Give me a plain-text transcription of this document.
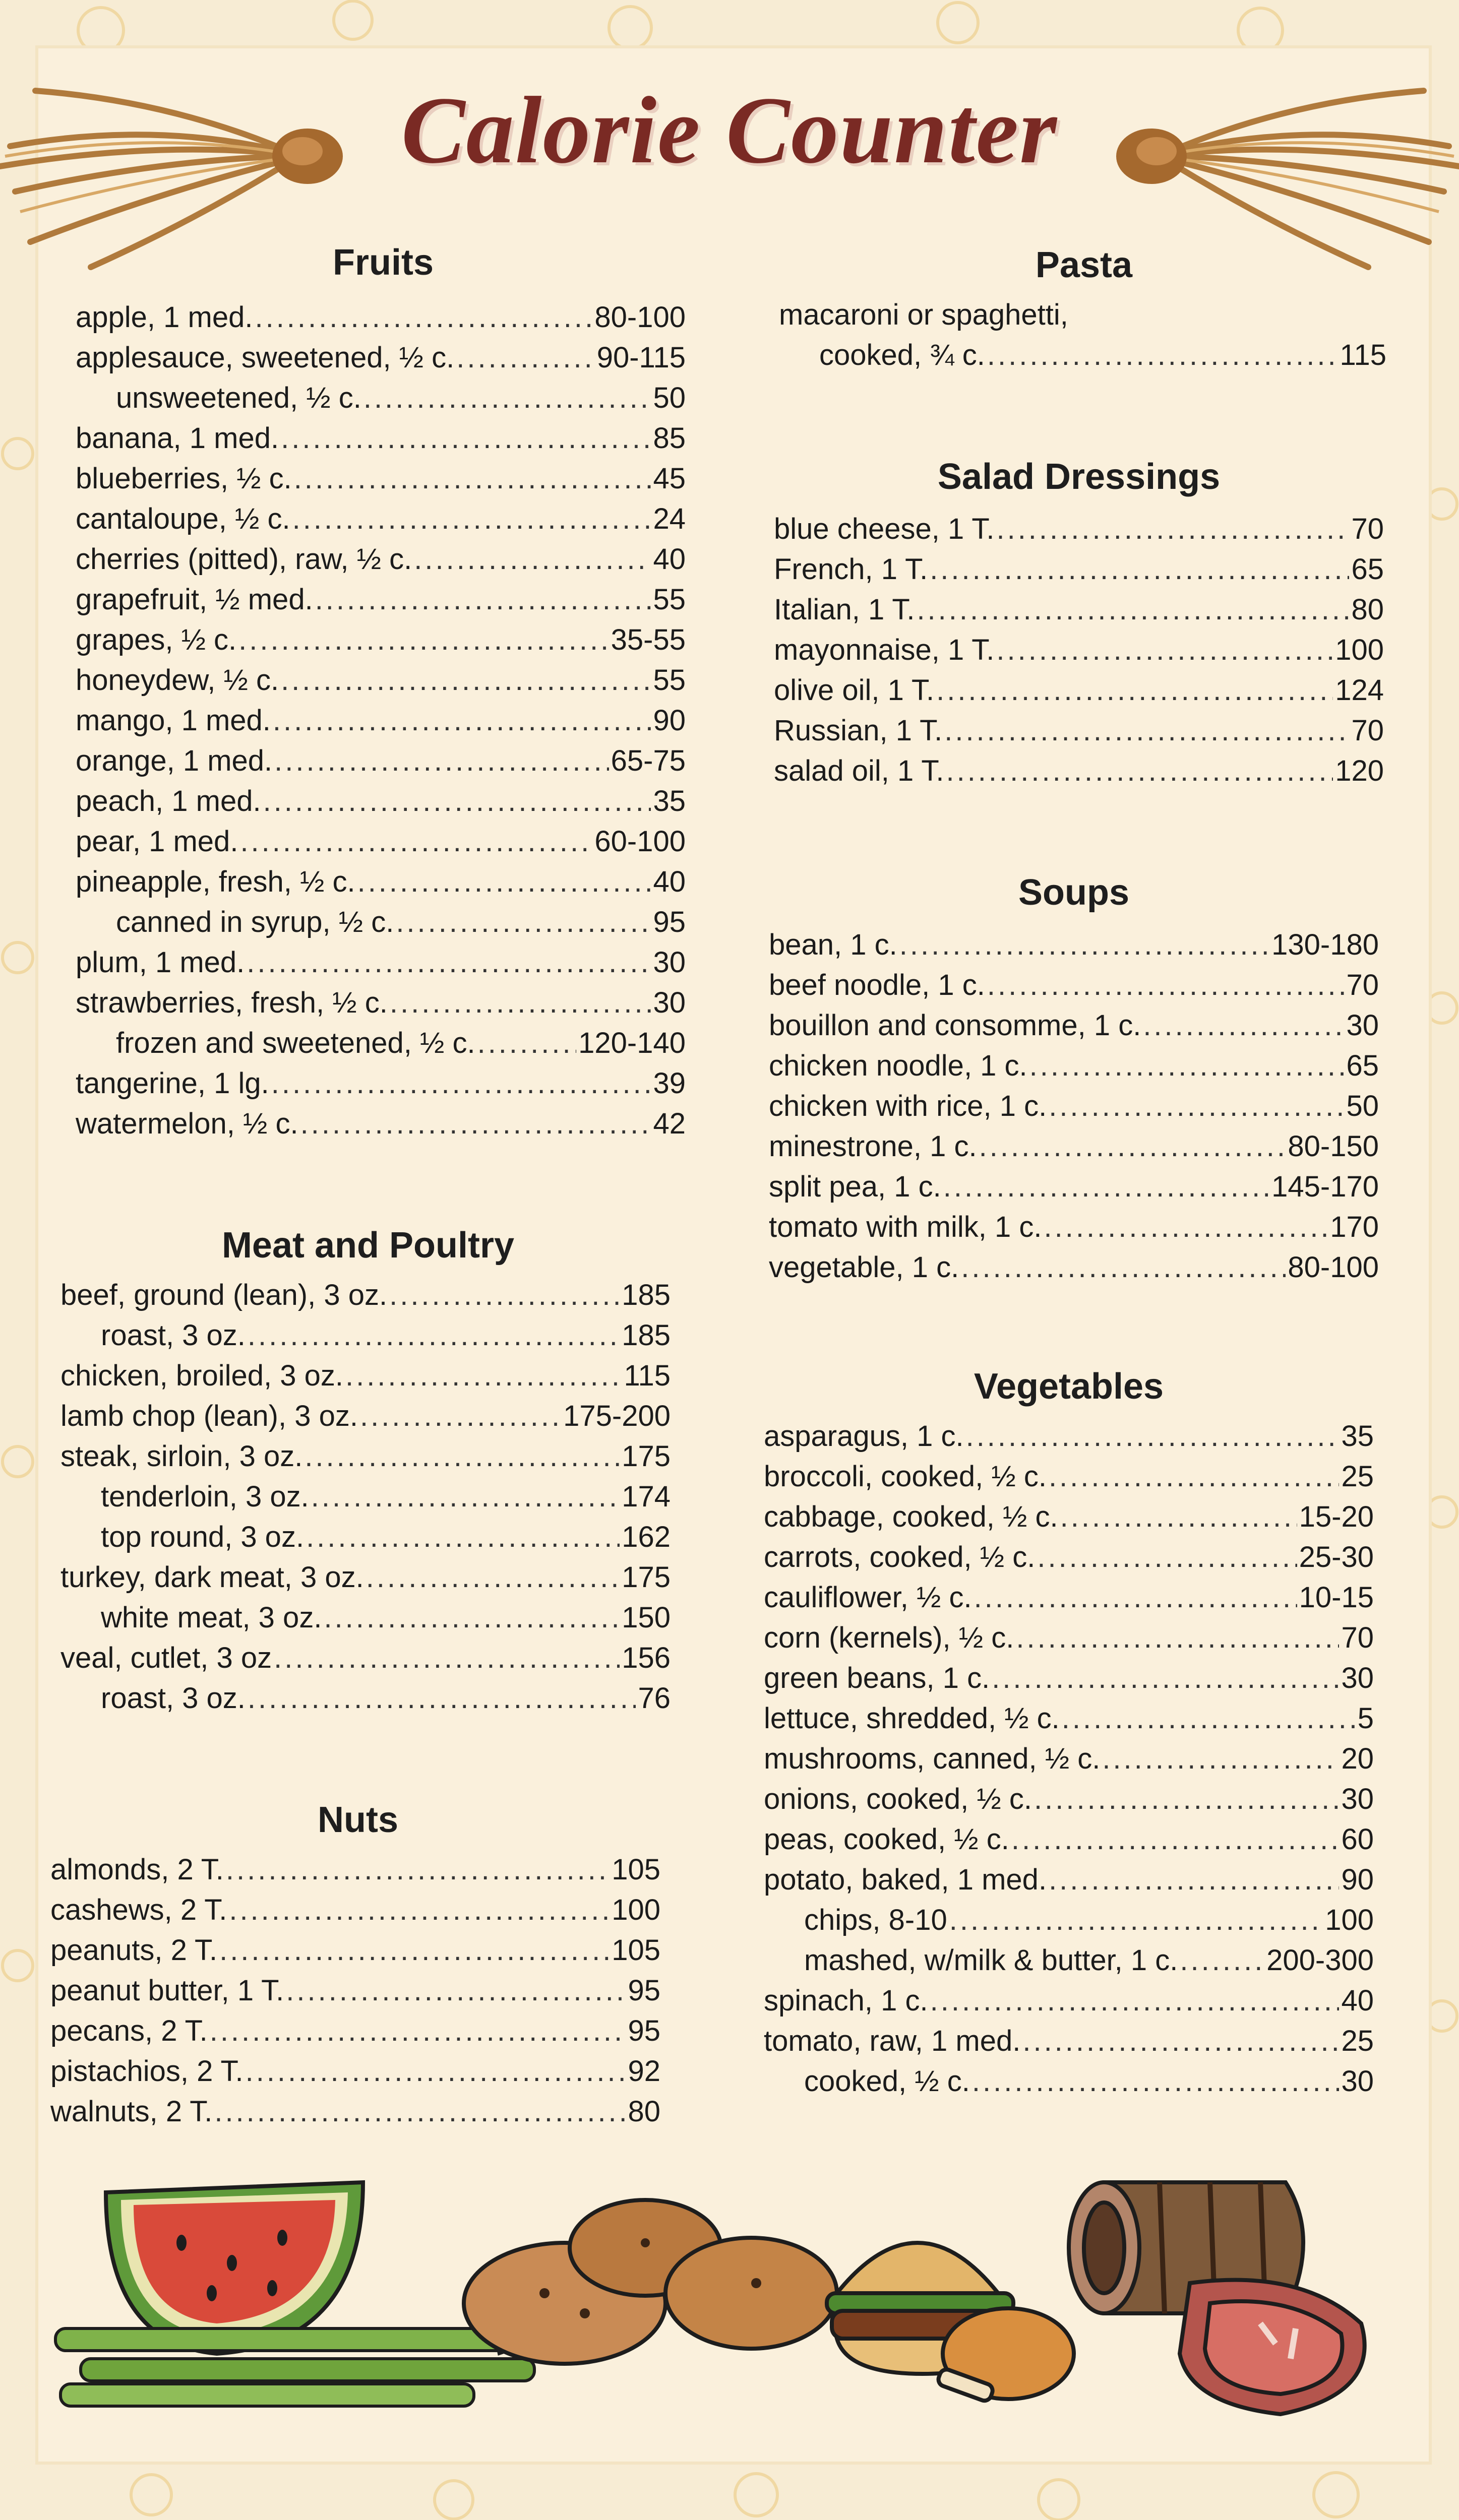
Calorie Counter
Fruits
apple, 1 med. .....	80-100
applesauce, sweetened, ½ c. .....	90-115
unsweetened, ½ c. .....	50
banana, 1 med. .....	85
blueberries, ½ c. .....	45
cantaloupe, ½ c. .....	24
cherries (pitted), raw, ½ c. .....	40
grapefruit, ½ med. .....	55
grapes, ½ c. .....	35-55
honeydew, ½ c. .....	55
mango, 1 med. .....	90
orange, 1 med. .....	65-75
peach, 1 med. .....	35
pear, 1 med. .....	60-100
pineapple, fresh, ½ c. .....	40
canned in syrup, ½ c. .....	95
plum, 1 med. .....	30
strawberries, fresh, ½ c. .....	30
frozen and sweetened, ½ c. .....	120-140
tangerine, 1 lg. .....	39
watermelon, ½ c. .....	42
Meat and Poultry
beef, ground (lean), 3 oz. .....	185
roast, 3 oz. .....	185
chicken, broiled, 3 oz. .....	115
lamb chop (lean), 3 oz. .....	175-200
steak, sirloin, 3 oz. .....	175
tenderloin, 3 oz. .....	174
top round, 3 oz. .....	162
turkey, dark meat, 3 oz. .....	175
white meat, 3 oz. .....	150
veal, cutlet, 3 oz .....	156
roast, 3 oz. .....	76
Nuts
almonds, 2 T. .....	105
cashews, 2 T. .....	100
peanuts, 2 T. .....	105
peanut butter, 1 T. .....	95
pecans, 2 T. .....	95
pistachios, 2 T. .....	92
walnuts, 2 T. .....	80
Pasta
macaroni or spaghetti,
cooked, ¾ c. .....	115
Salad Dressings
blue cheese, 1 T. .....	70
French, 1 T. .....	65
Italian, 1 T. .....	80
mayonnaise, 1 T. .....	100
olive oil, 1 T. .....	124
Russian, 1 T. .....	70
salad oil, 1 T. .....	120
Soups
bean, 1 c. .....	130-180
beef noodle, 1 c. .....	70
bouillon and consomme, 1 c. .....	30
chicken noodle, 1 c. .....	65
chicken with rice, 1 c. .....	50
minestrone, 1 c. .....	80-150
split pea, 1 c. .....	145-170
tomato with milk, 1 c. .....	170
vegetable, 1 c. .....	80-100
Vegetables
asparagus, 1 c. .....	35
broccoli, cooked, ½ c. .....	25
cabbage, cooked, ½ c. .....	15-20
carrots, cooked, ½ c. .....	25-30
cauliflower, ½ c. .....	10-15
corn (kernels), ½ c. .....	70
green beans, 1 c. .....	30
lettuce, shredded, ½ c. .....	5
mushrooms, canned, ½ c. .....	20
onions, cooked, ½ c. .....	30
peas, cooked, ½ c. .....	60
potato, baked, 1 med. .....	90
chips, 8-10 .....	100
mashed, w/milk & butter, 1 c. .....	200-300
spinach, 1 c. .....	40
tomato, raw, 1 med. .....	25
cooked, ½ c. .....	30
